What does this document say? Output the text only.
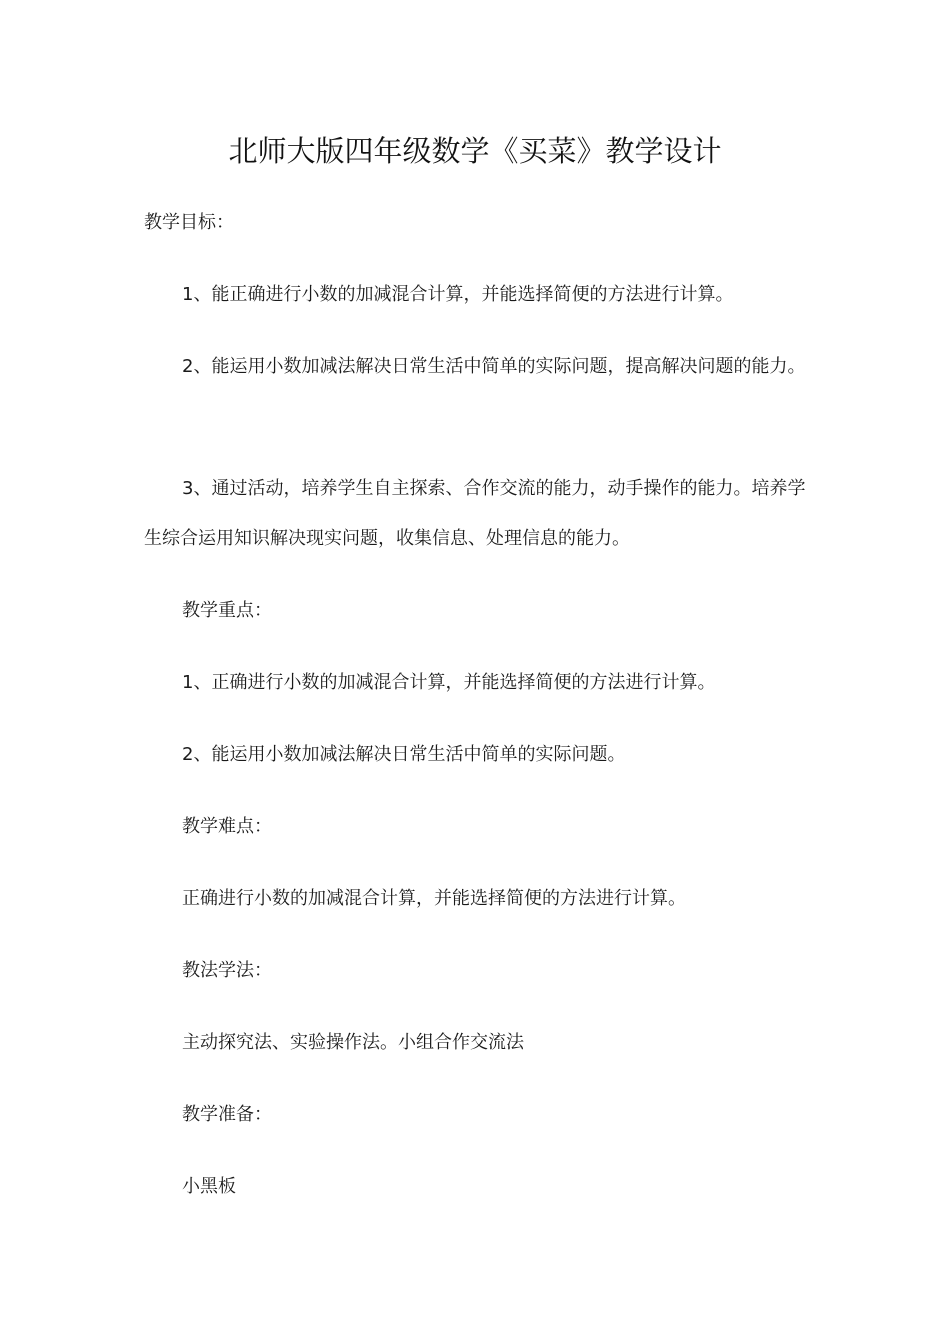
北师大版四年级数学《买菜》教学设计

教学目标：

1、能正确进行小数的加减混合计算，并能选择简便的方法进行计算。

2、能运用小数加减法解决日常生活中简单的实际问题，提高解决问题的能力。

3、通过活动，培养学生自主探索、合作交流的能力，动手操作的能力。培养学生综合运用知识解决现实问题，收集信息、处理信息的能力。

教学重点：

1、正确进行小数的加减混合计算，并能选择简便的方法进行计算。

2、能运用小数加减法解决日常生活中简单的实际问题。

教学难点：

正确进行小数的加减混合计算，并能选择简便的方法进行计算。

教法学法：

主动探究法、实验操作法。小组合作交流法

教学准备：

小黑板
